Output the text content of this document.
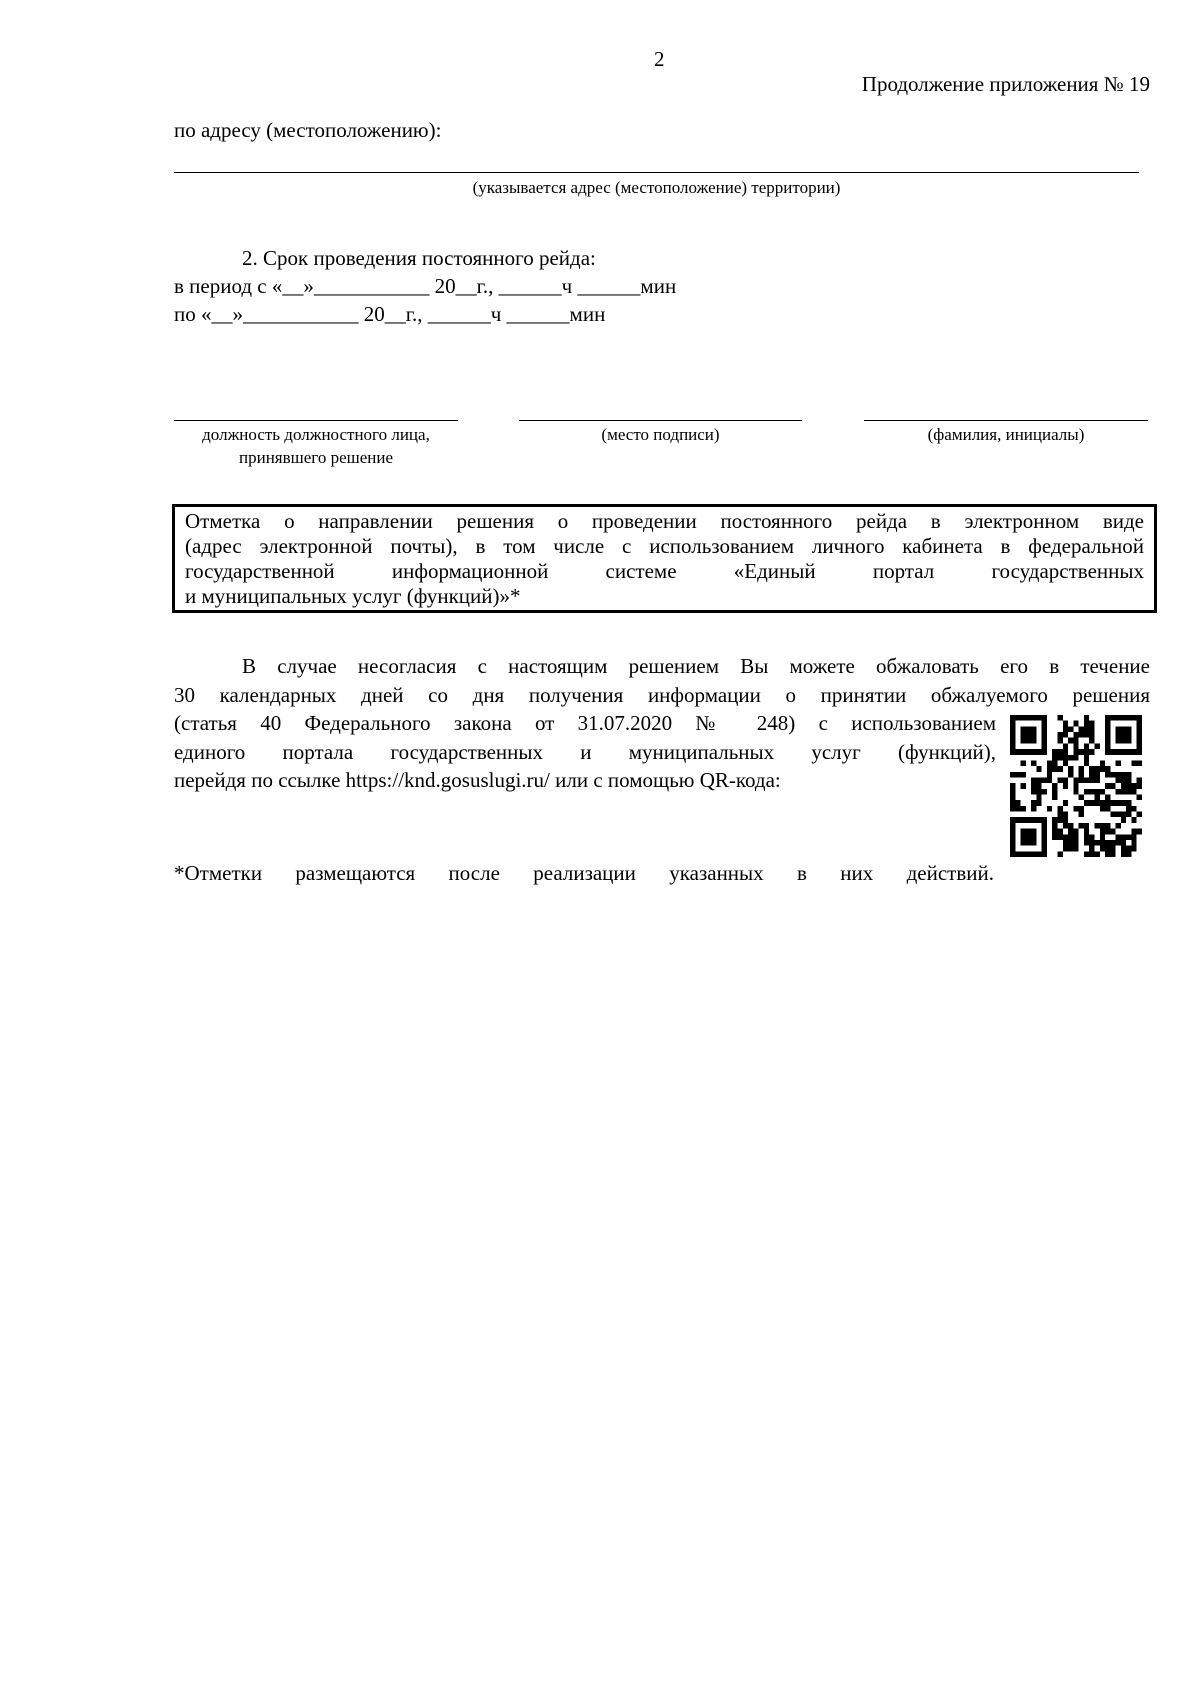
2
Продолжение приложения № 19
по адресу (местоположению):
(указывается адрес (местоположение) территории)
2. Срок проведения постоянного рейда:
в период с «__»___________ 20__г., ______ч ______мин
по «__»___________ 20__г., ______ч ______мин
должность должностного лица,
принявшего решение
(место подписи)	(фамилия, инициалы)
Отметка о направлении решения о проведении постоянного рейда в электронном виде
(адрес электронной почты), в том числе с использованием личного кабинета в федеральной
государственной информационной системе «Единый портал государственных
и муниципальных услуг (функций)»*
В случае несогласия с настоящим решением Вы можете обжаловать его в течение
30 календарных дней со дня получения информации о принятии обжалуемого решения
(статья 40 Федерального закона от 31.07.2020 № 248) с использованием
единого портала государственных и муниципальных услуг (функций),
перейдя по ссылке https://knd.gosuslugi.ru/ или с помощью QR-кода:
*Отметки размещаются после реализации указанных в них действий.
